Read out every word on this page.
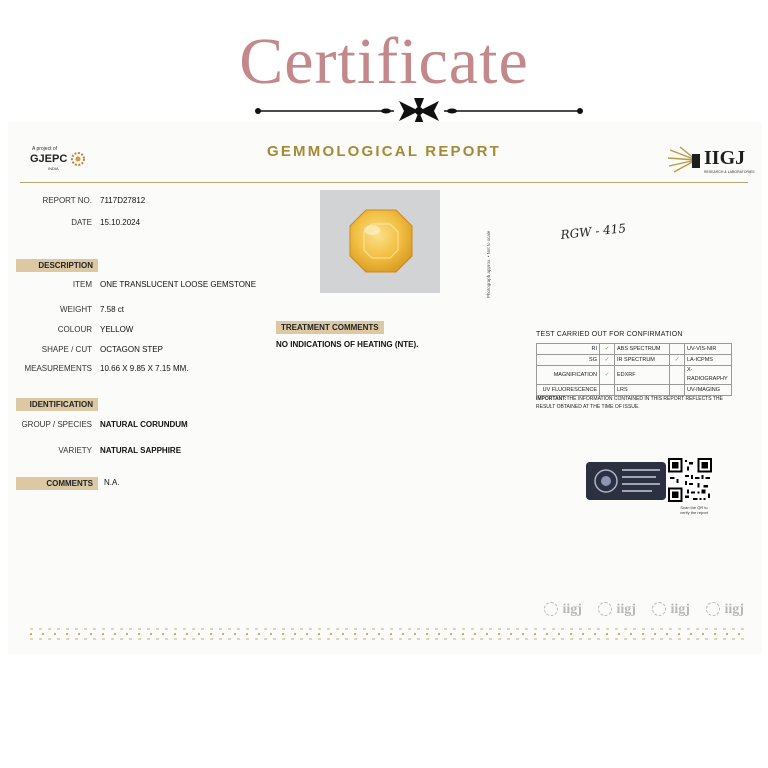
Certificate
A project of
GJEPC
INDIA
GEMMOLOGICAL REPORT	IIGJ
RESEARCH & LABORATORIES
REPORT NO. 7117D27812
DATE 15.10.2024
DESCRIPTION
ITEM ONE TRANSLUCENT LOOSE GEMSTONE
WEIGHT 7.58 ct
COLOUR YELLOW
SHAPE / CUT OCTAGON STEP
MEASUREMENTS 10.66 X 9.85 X 7.15 MM.
IDENTIFICATION
GROUP / SPECIES NATURAL CORUNDUM
VARIETY NATURAL SAPPHIRE
COMMENTS	N.A.
Photograph approx. • Not to scale	RGW - 415
TREATMENT COMMENTS
NO INDICATIONS OF HEATING (NTE).
TEST CARRIED OUT FOR CONFIRMATION
RI	✓	ABS SPECTRUM		UV-VIS-NIR
SG	✓	IR SPECTRUM	✓	LA-ICPMS
MAGNIFICATION	✓	EDXRF		X-RADIOGRAPHY
UV FLUORESCENCE		LRS		UV-IMAGING
IMPORTANT:THE INFORMATION CONTAINED IN THIS REPORT REFLECTS THE RESULT OBTAINED AT THE TIME OF ISSUE.
Scan the QR to verify the report
iigj	iigj	iigj	iigj
